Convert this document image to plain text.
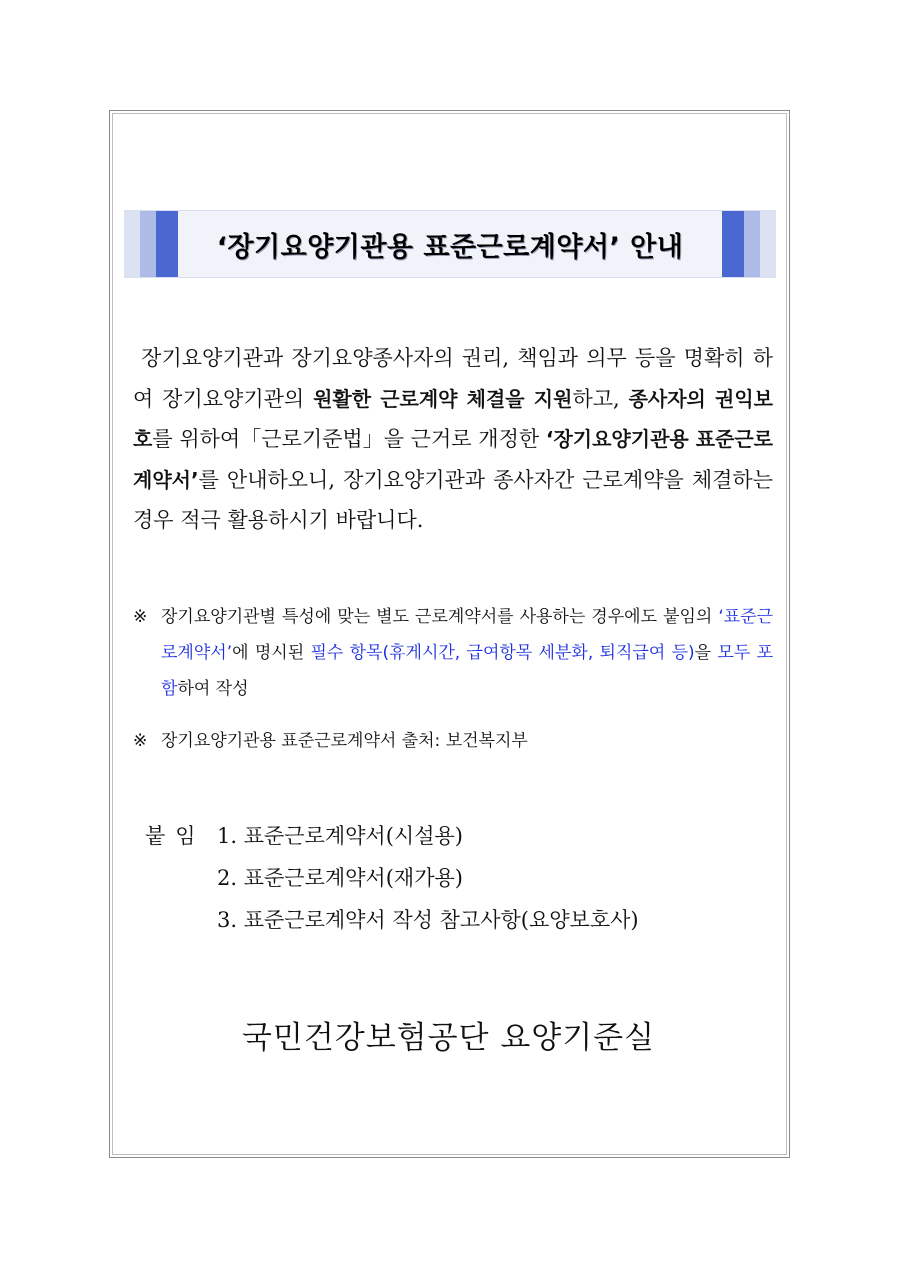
‘장기요양기관용 표준근로계약서’ 안내
장기요양기관과 장기요양종사자의 권리, 책임과 의무 등을 명확히 하여 장기요양기관의 원활한 근로계약 체결을 지원하고, 종사자의 권익보호를 위하여「근로기준법」을 근거로 개정한 ‘장기요양기관용 표준근로계약서’를 안내하오니, 장기요양기관과 종사자간 근로계약을 체결하는 경우 적극 활용하시기 바랍니다.
※ 장기요양기관별 특성에 맞는 별도 근로계약서를 사용하는 경우에도 붙임의 ‘표준근로계약서’에 명시된 필수 항목(휴게시간, 급여항목 세분화, 퇴직급여 등)을 모두 포함하여 작성
※ 장기요양기관용 표준근로계약서 출처: 보건복지부
붙임 1. 표준근로계약서(시설용)
2. 표준근로계약서(재가용)
3. 표준근로계약서 작성 참고사항(요양보호사)
국민건강보험공단 요양기준실
